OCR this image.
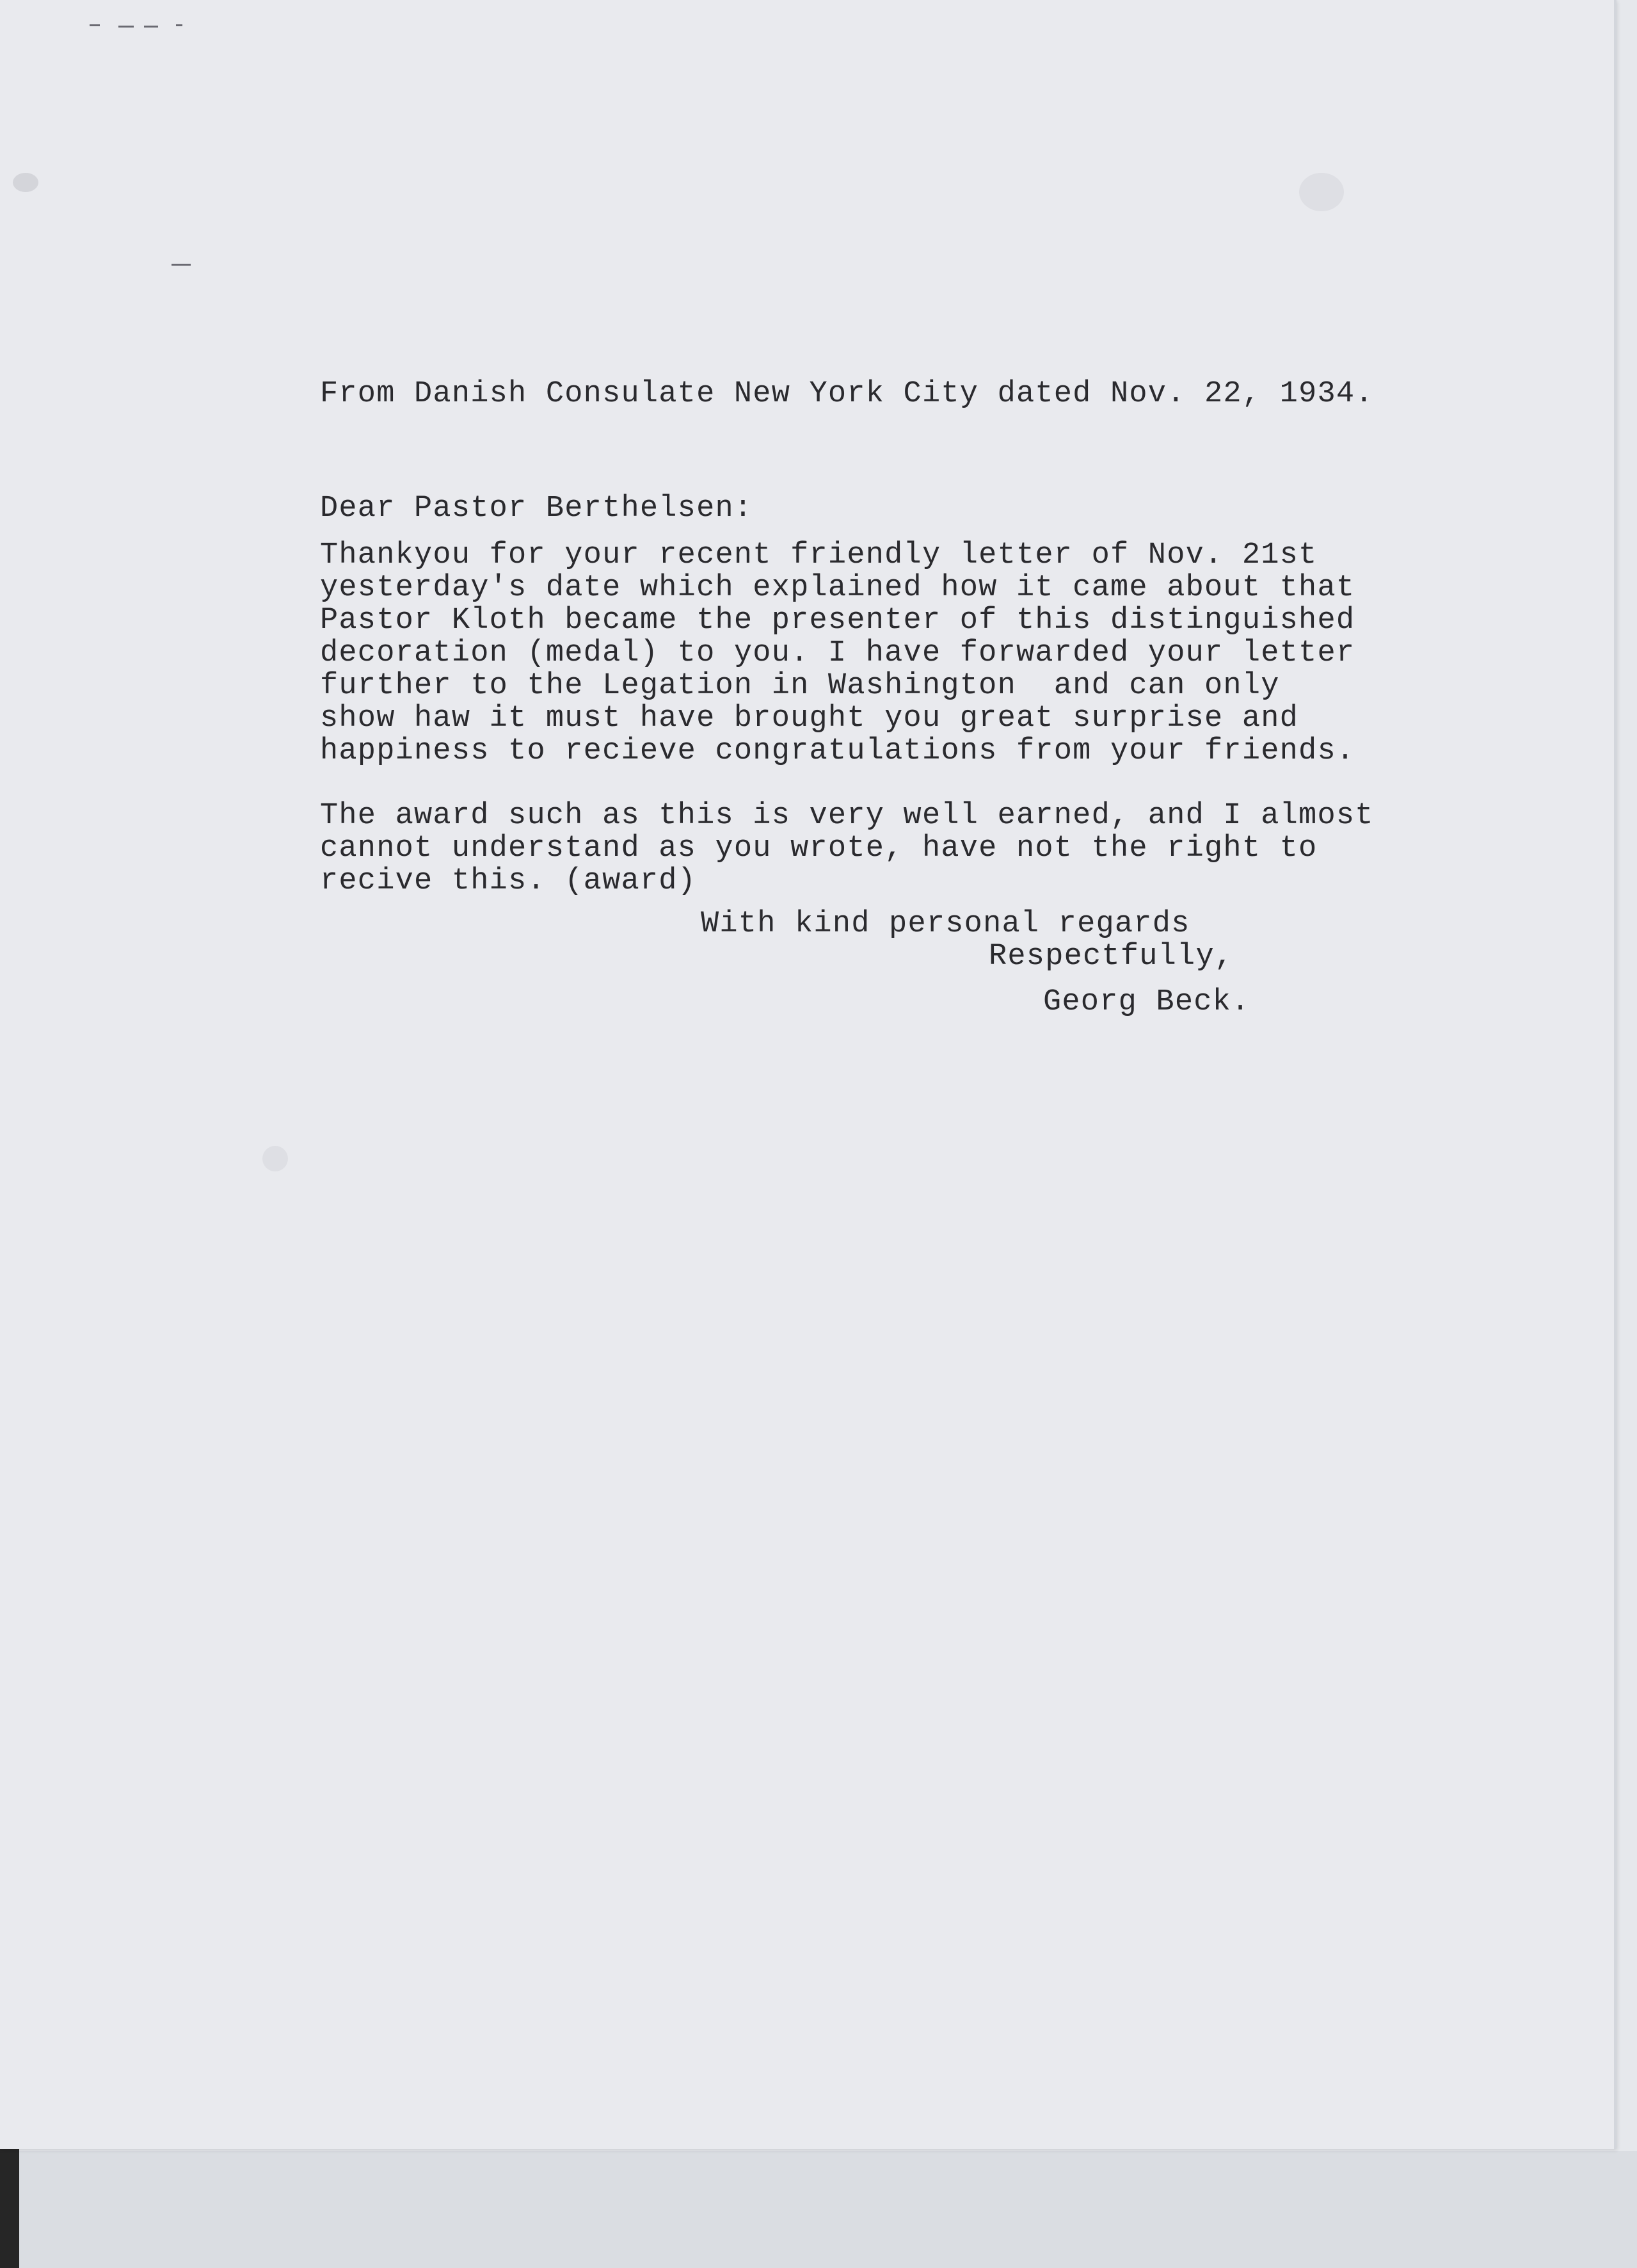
From Danish Consulate New York City dated Nov. 22, 1934.
Dear Pastor Berthelsen:
Thankyou for your recent friendly letter of Nov. 21st
yesterday's date which explained how it came about that
Pastor Kloth became the presenter of this distinguished
decoration (medal) to you. I have forwarded your letter
further to the Legation in Washington  and can only
show haw it must have brought you great surprise and
happiness to recieve congratulations from your friends.
The award such as this is very well earned, and I almost
cannot understand as you wrote, have not the right to
recive this. (award)
With kind personal regards
Respectfully,
Georg Beck.
